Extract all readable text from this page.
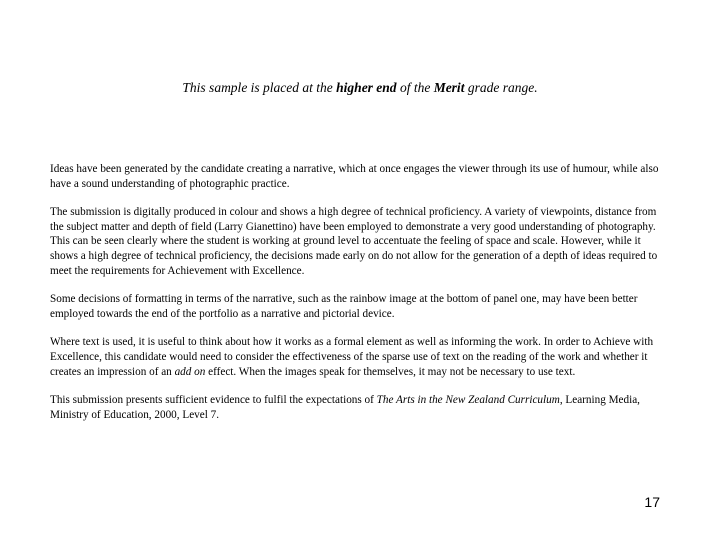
This sample is placed at the higher end of the Merit grade range.

Ideas have been generated by the candidate creating a narrative, which at once engages the viewer through its use of humour, while also have a sound understanding of photographic practice.

The submission is digitally produced in colour and shows a high degree of technical proficiency. A variety of viewpoints, distance from the subject matter and depth of field (Larry Gianettino) have been employed to demonstrate a very good understanding of photography. This can be seen clearly where the student is working at ground level to accentuate the feeling of space and scale. However, while it shows a high degree of technical proficiency, the decisions made early on do not allow for the generation of a depth of ideas required to meet the requirements for Achievement with Excellence.

Some decisions of formatting in terms of the narrative, such as the rainbow image at the bottom of panel one, may have been better employed towards the end of the portfolio as a narrative and pictorial device.

Where text is used, it is useful to think about how it works as a formal element as well as informing the work. In order to Achieve with Excellence, this candidate would need to consider the effectiveness of the sparse use of text on the reading of the work and whether it creates an impression of an add on effect. When the images speak for themselves, it may not be necessary to use text.

This submission presents sufficient evidence to fulfil the expectations of The Arts in the New Zealand Curriculum, Learning Media, Ministry of Education, 2000, Level 7.

17
